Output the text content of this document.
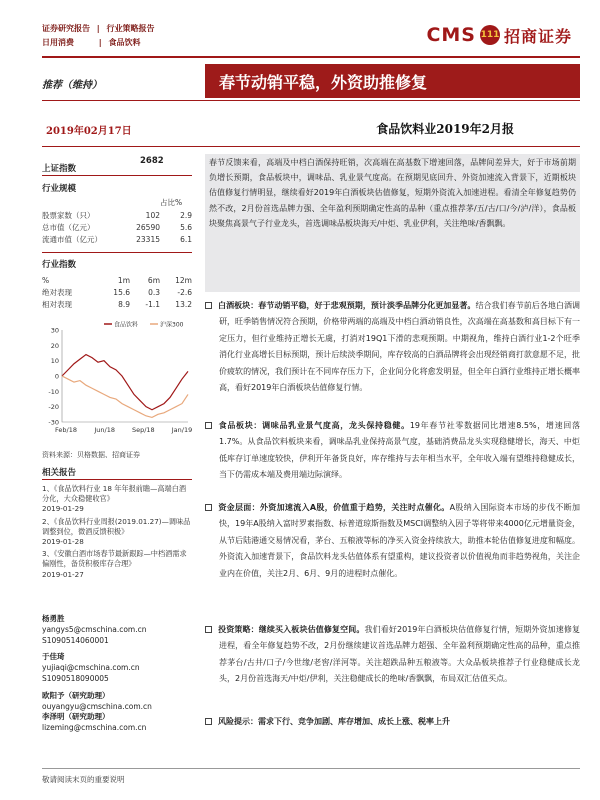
证券研究报告 | 行业策略报告
日用消费	| 食品饮料	CMS 111 招商证券
推荐（维持）	春节动销平稳，外资助推修复
2019年02月17日	食品饮料业2019年2月报
上证指数
2682
行业规模
占比%
股票家数（只）	102	2.9
总市值（亿元）	26590	5.6
流通市值（亿元）	23315	6.1
行业指数
%	1m	6m	12m
绝对表现	15.6	0.3	-2.6
相对表现	8.9	-1.1	13.2
30
20
10
0
-10
-20
-30
Feb/18	Jun/18	Sep/18	Jan/19
食品饮料	沪深300
资料来源：贝格数据、招商证券
相关报告
1、《食品饮料行业 18 年年报前瞻—高端白酒分化，大众稳健收官》
2019-01-29
2、《食品饮料行业周报(2019.01.27)—调味品调整到位，微酒反馈积极》
2019-01-28
3、《安徽白酒市场春节最新跟踪—中档酒需求偏刚性，备货积极库存合理》
2019-01-27
杨勇胜
yangys5@cmschina.com.cn
S1090514060001
于佳琦
yujiaqi@cmschina.com.cn
S1090518090005
欧阳予（研究助理）
ouyangyu@cmschina.com.cn
李泽明（研究助理）
lizeming@cmschina.com.cn
春节反馈来看，高端及中档白酒保持旺销，次高端在高基数下增速回落，品牌间差异大，好于市场前期负增长预期，食品板块中，调味品、乳业景气度高。在预期见底回升、外资加速流入背景下，近期板块估值修复行情明显，继续看好2019年白酒板块估值修复，短期外资流入加速进程。看清全年修复趋势仍然不改，2月份首选品牌力强、全年盈利预期确定性高的品种（重点推荐茅/五/古/口/今/泸/洋），食品板块聚焦高景气子行业龙头，首选调味品板块海天/中炬、乳业伊利，关注绝味/香飘飘。

白酒板块：春节动销平稳，好于悲观预期，预计淡季品牌分化更加显著。结合我们春节前后各地白酒调研，旺季销售情况符合预期，价格带两端的高端及中档白酒动销良性，次高端在高基数和高目标下有一定压力，但行业维持正增长无虞，打消对19Q1下滑的悲观预期。中期视角，维持白酒行业1-2个旺季消化行业高增长目标预期，预计后续淡季期间，库存较高的白酒品牌将会出现经销商打款意愿不足，批价疲软的情况，我们预计在不同库存压力下，企业间分化将愈发明显，但全年白酒行业维持正增长概率高，看好2019年白酒板块估值修复行情。

食品板块：调味品乳业景气度高，龙头保持稳健。19年春节社零数据同比增速8.5%，增速回落1.7%。从食品饮料板块来看，调味品乳业保持高景气度，基础消费品龙头实现稳健增长，海天、中炬低库存订单速度较快，伊利开年备货良好，库存维持与去年相当水平，全年收入端有望维持稳健成长，当下仍需成本端及费用端边际演绎。

资金层面：外资加速流入A股，价值重于趋势，关注时点催化。A股纳入国际资本市场的步伐不断加快，19年A股纳入富时罗素指数、标普道琼斯指数及MSCI调整纳入因子等将带来4000亿元增量资金，从节后陆港通交易情况看，茅台、五粮液等标的净买入资金持续放大，助推本轮估值修复进度和幅度。外资流入加速背景下，食品饮料龙头估值体系有望重构，建议投资者以价值视角而非趋势视角，关注企业内在价值，关注2月、6月、9月的进程时点催化。

投资策略：继续买入板块估值修复空间。我们看好2019年白酒板块估值修复行情，短期外资加速修复进程，看全年修复趋势不改，2月份继续建议首选品牌力超强、全年盈利预期确定性高的品种，重点推荐茅台/古井/口子/今世缘/老窖/洋河等。关注超跌品种五粮液等。大众品板块推荐子行业稳健成长龙头，2月份首选海天/中炬/伊利，关注稳健成长的绝味/香飘飘，布局双汇估值买点。

风险提示：需求下行、竞争加剧、库存增加、成长上涨、税率上升

敬请阅读末页的重要说明
